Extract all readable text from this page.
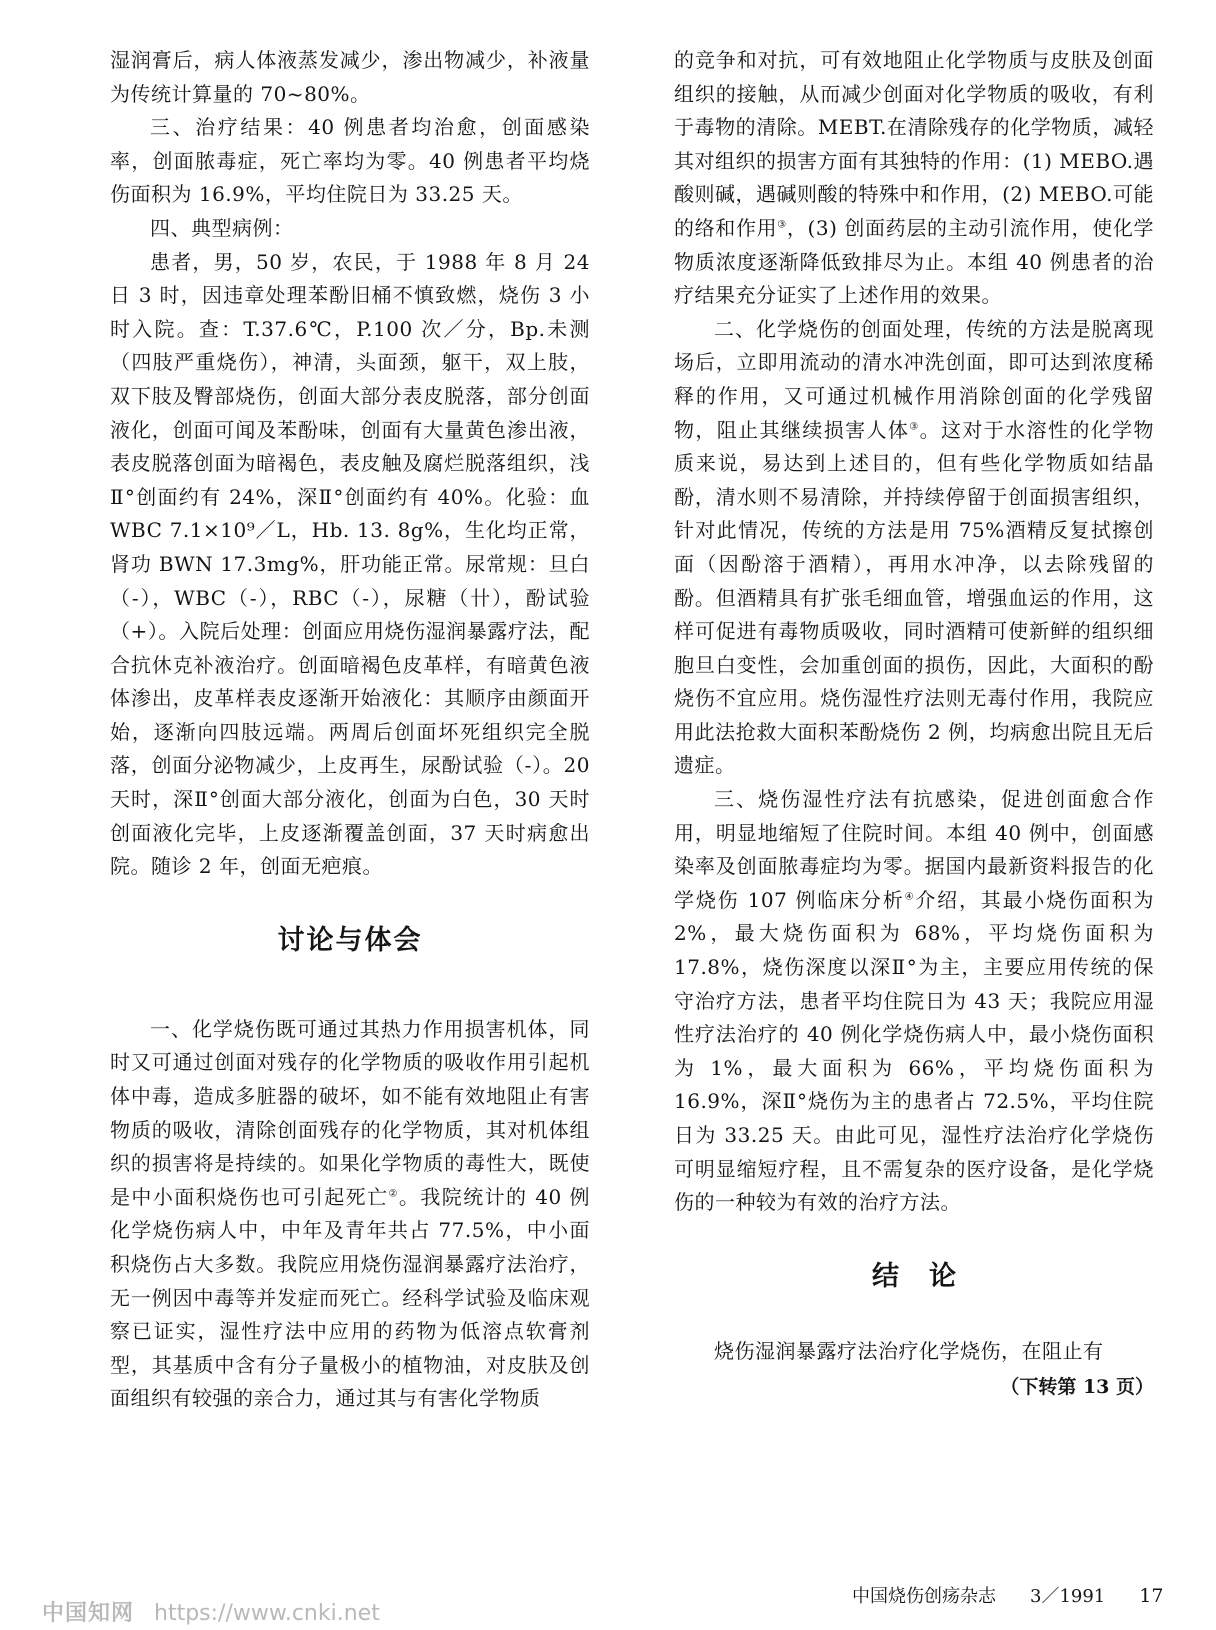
湿润膏后，病人体液蒸发减少，渗出物减少，补液量为传统计算量的 70~80%。

三、治疗结果：40 例患者均治愈，创面感染率，创面脓毒症，死亡率均为零。40 例患者平均烧伤面积为 16.9%，平均住院日为 33.25 天。

四、典型病例：

患者，男，50 岁，农民，于 1988 年 8 月 24 日 3 时，因违章处理苯酚旧桶不慎致燃，烧伤 3 小时入院。查：T.37.6℃，P.100 次／分，Bp.未测（四肢严重烧伤），神清，头面颈，躯干，双上肢，双下肢及臀部烧伤，创面大部分表皮脱落，部分创面液化，创面可闻及苯酚味，创面有大量黄色渗出液，表皮脱落创面为暗褐色，表皮触及腐烂脱落组织，浅Ⅱ°创面约有 24%，深Ⅱ°创面约有 40%。化验：血 WBC 7.1×10⁹／L，Hb. 13. 8g%，生化均正常，肾功 BWN 17.3mg%，肝功能正常。尿常规：旦白（-），WBC（-），RBC（-），尿糖（卄），酚试验（+）。入院后处理：创面应用烧伤湿润暴露疗法，配合抗休克补液治疗。创面暗褐色皮革样，有暗黄色液体渗出，皮革样表皮逐渐开始液化：其顺序由颜面开始，逐渐向四肢远端。两周后创面坏死组织完全脱落，创面分泌物减少，上皮再生，尿酚试验（-）。20 天时，深Ⅱ°创面大部分液化，创面为白色，30 天时创面液化完毕，上皮逐渐覆盖创面，37 天时病愈出院。随诊 2 年，创面无疤痕。

讨论与体会

一、化学烧伤既可通过其热力作用损害机体，同时又可通过创面对残存的化学物质的吸收作用引起机体中毒，造成多脏器的破坏，如不能有效地阻止有害物质的吸收，清除创面残存的化学物质，其对机体组织的损害将是持续的。如果化学物质的毒性大，既使是中小面积烧伤也可引起死亡②。我院统计的 40 例化学烧伤病人中，中年及青年共占 77.5%，中小面积烧伤占大多数。我院应用烧伤湿润暴露疗法治疗，无一例因中毒等并发症而死亡。经科学试验及临床观察已证实，湿性疗法中应用的药物为低溶点软膏剂型，其基质中含有分子量极小的植物油，对皮肤及创面组织有较强的亲合力，通过其与有害化学物质

的竞争和对抗，可有效地阻止化学物质与皮肤及创面组织的接触，从而减少创面对化学物质的吸收，有利于毒物的清除。MEBT.在清除残存的化学物质，减轻其对组织的损害方面有其独特的作用：(1) MEBO.遇酸则碱，遇碱则酸的特殊中和作用，(2) MEBO.可能的络和作用③，(3) 创面药层的主动引流作用，使化学物质浓度逐渐降低致排尽为止。本组 40 例患者的治疗结果充分证实了上述作用的效果。

二、化学烧伤的创面处理，传统的方法是脱离现场后，立即用流动的清水冲洗创面，即可达到浓度稀释的作用，又可通过机械作用消除创面的化学残留物，阻止其继续损害人体③。这对于水溶性的化学物质来说，易达到上述目的，但有些化学物质如结晶酚，清水则不易清除，并持续停留于创面损害组织，针对此情况，传统的方法是用 75%酒精反复拭擦创面（因酚溶于酒精），再用水冲净，以去除残留的酚。但酒精具有扩张毛细血管，增强血运的作用，这样可促进有毒物质吸收，同时酒精可使新鲜的组织细胞旦白变性，会加重创面的损伤，因此，大面积的酚烧伤不宜应用。烧伤湿性疗法则无毒付作用，我院应用此法抢救大面积苯酚烧伤 2 例，均病愈出院且无后遗症。

三、烧伤湿性疗法有抗感染，促进创面愈合作用，明显地缩短了住院时间。本组 40 例中，创面感染率及创面脓毒症均为零。据国内最新资料报告的化学烧伤 107 例临床分析④介绍，其最小烧伤面积为 2%，最大烧伤面积为 68%，平均烧伤面积为 17.8%，烧伤深度以深Ⅱ°为主，主要应用传统的保守治疗方法，患者平均住院日为 43 天；我院应用湿性疗法治疗的 40 例化学烧伤病人中，最小烧伤面积为 1%，最大面积为 66%，平均烧伤面积为 16.9%，深Ⅱ°烧伤为主的患者占 72.5%，平均住院日为 33.25 天。由此可见，湿性疗法治疗化学烧伤可明显缩短疗程，且不需复杂的医疗设备，是化学烧伤的一种较为有效的治疗方法。

结论

烧伤湿润暴露疗法治疗化学烧伤，在阻止有

（下转第 13 页）
中国烧伤创疡杂志 3／1991 17
中国知网 https://www.cnki.net
